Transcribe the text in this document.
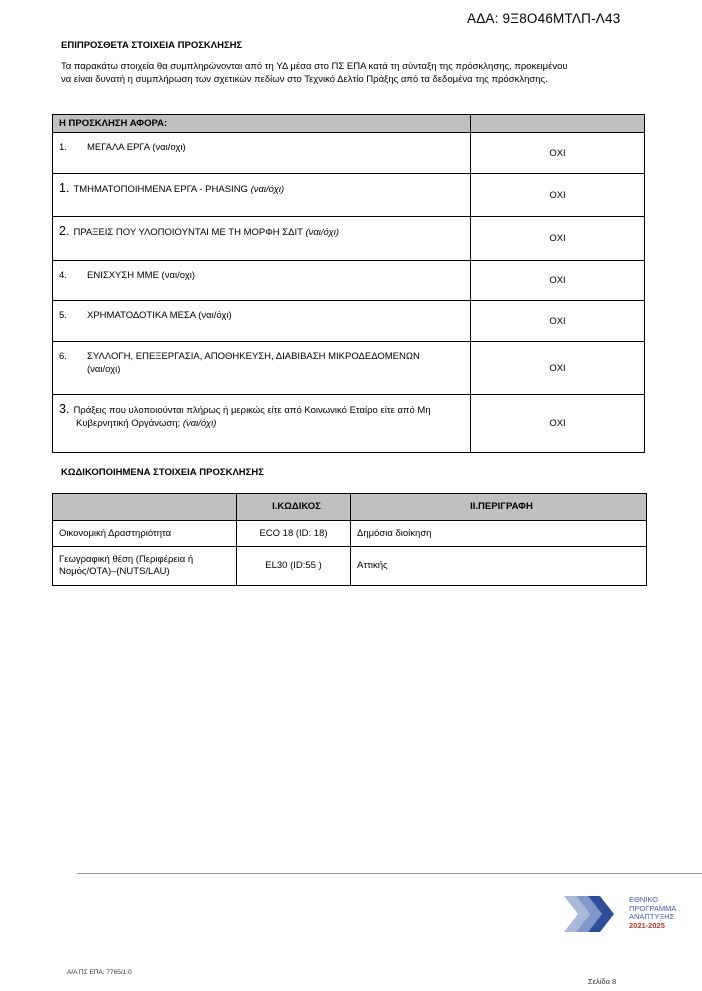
ΑΔΑ: 9Ξ8Ο46ΜΤΛΠ-Λ43
ΕΠΙΠΡΟΣΘΕΤΑ ΣΤΟΙΧΕΙΑ ΠΡΟΣΚΛΗΣΗΣ
Τα παρακάτω στοιχεία θα συμπληρώνονται από τη ΥΔ μέσα στο ΠΣ ΕΠΑ κατά τη σύνταξη της πρόσκλησης, προκειμένου
να είναι δυνατή η συμπλήρωση των σχετικών πεδίων στο Τεχνικό Δελτίο Πράξης από τα δεδομένα της πρόσκλησης.
Η ΠΡΟΣΚΛΗΣΗ ΑΦΟΡΑ:	
1. ΜΕΓΑΛΑ ΕΡΓΑ (ναι/οχι)	ΟΧΙ
1. ΤΜΗΜΑΤΟΠΟΙΗΜΕΝΑ ΕΡΓΑ - PHASING (ναι/όχι)	ΟΧΙ
2. ΠΡΑΞΕΙΣ ΠΟΥ ΥΛΟΠΟΙΟΥΝΤΑΙ ΜΕ ΤΗ ΜΟΡΦΗ ΣΔΙΤ (ναι/όχι)	ΟΧΙ
4. ΕΝΙΣΧΥΣΗ ΜΜΕ (ναι/οχι)	ΟΧΙ
5. ΧΡΗΜΑΤΟΔΟΤΙΚΑ ΜΕΣΑ (ναι/όχι)	ΟΧΙ

6. ΣΥΛΛΟΓΗ, ΕΠΕΞΕΡΓΑΣΙΑ, ΑΠΟΘΗΚΕΥΣΗ, ΔΙΑΒΙΒΑΣΗ ΜΙΚΡΟΔΕΔΟΜΕΝΩΝ
(ναι/οχι)	ΟΧΙ

3. Πράξεις που υλοποιούνται πλήρως ή μερικώς είτε από Κοινωνικό Εταίρο είτε από Μη
Κυβερνητική Οργάνωση; (ναι/όχι)	ΟΧΙ
ΚΩΔΙΚΟΠΟΙΗΜΕΝΑ ΣΤΟΙΧΕΙΑ ΠΡΟΣΚΛΗΣΗΣ
	Ι.ΚΩΔΙΚΟΣ	ΙΙ.ΠΕΡΙΓΡΑΦΗ
Οικονομική Δραστηριότητα	ECO 18 (ID: 18)	Δημόσια διοίκηση

Γεωγραφική θέση (Περιφέρεια ή
Νομός/ΟΤΑ)–(NUTS/LAU)	EL30 (ID:55 )	Αττικής
ΕΘΝΙΚΟ
ΠΡΟΓΡΑΜΜΑ
ΑΝΑΠΤΥΞΗΣ
2021-2025
Α/Α ΠΣ ΕΠΑ: 7765/1.0
Σελίδα 8
